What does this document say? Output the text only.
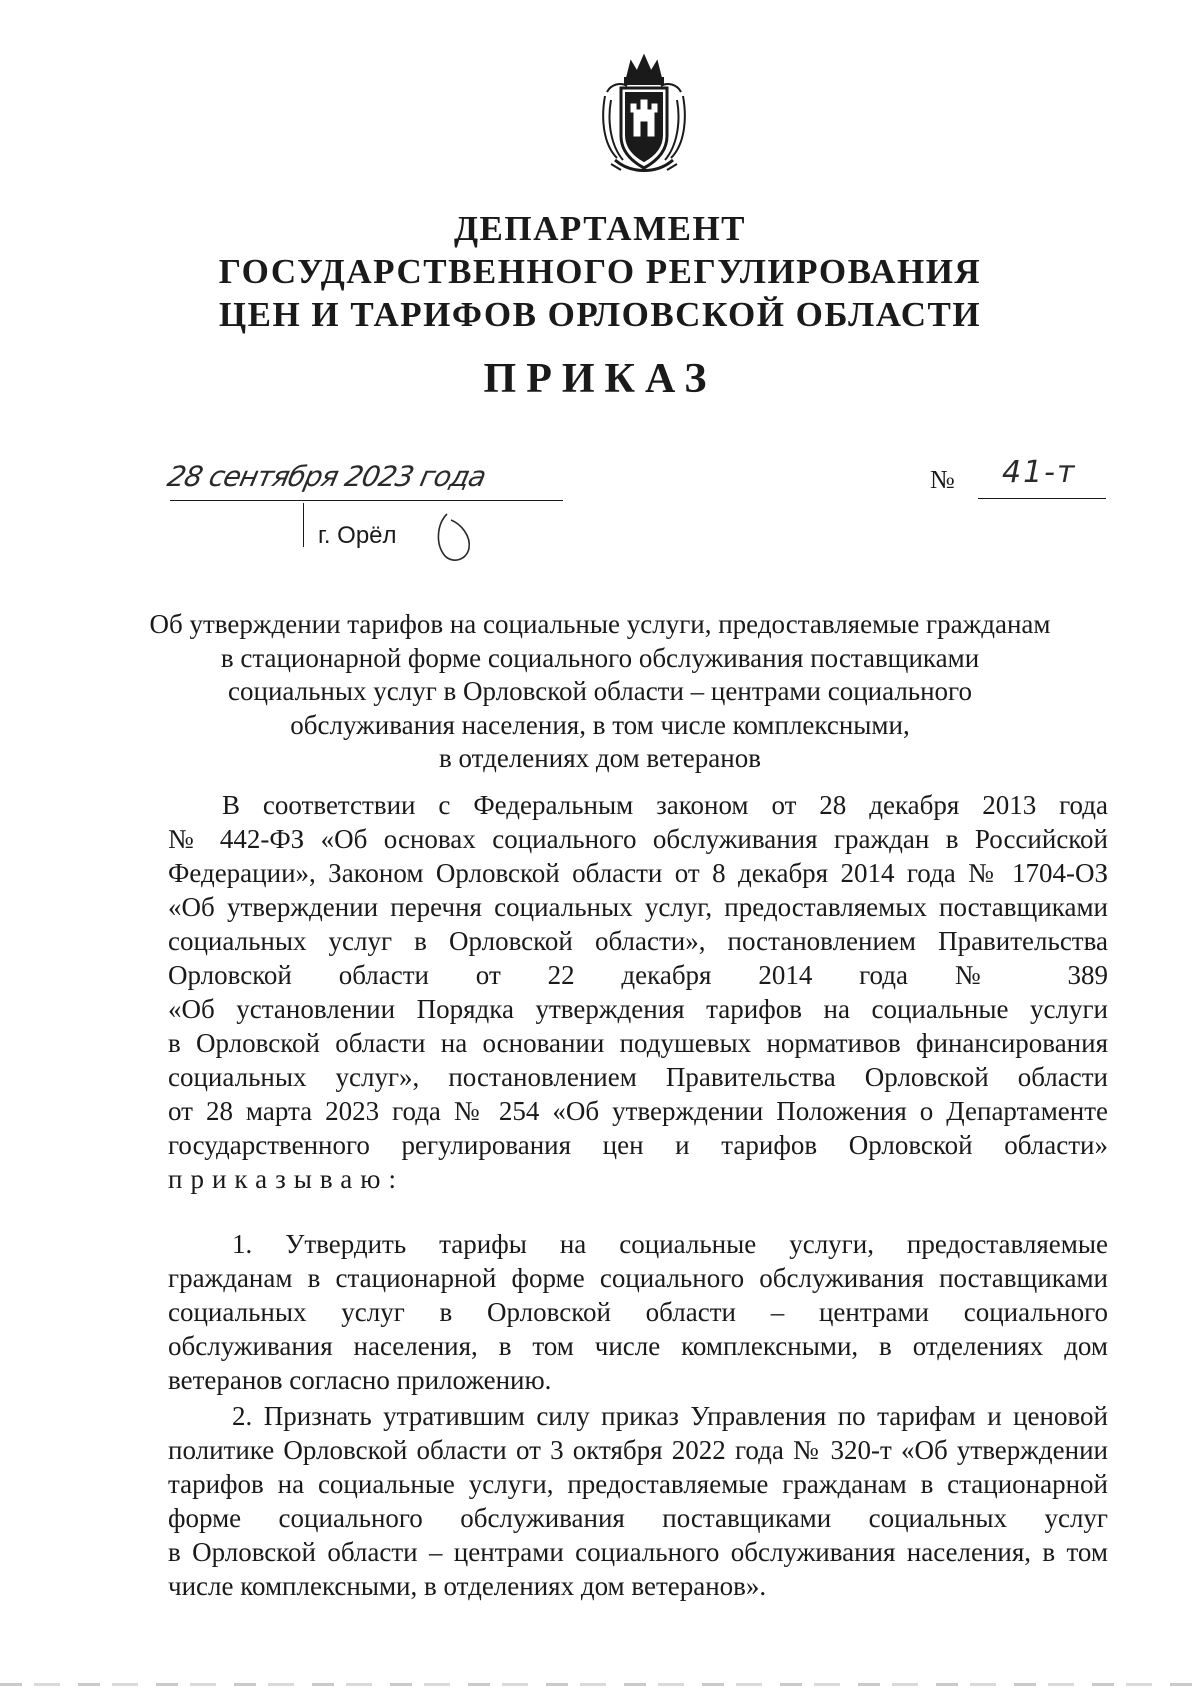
ДЕПАРТАМЕНТ
ГОСУДАРСТВЕННОГО РЕГУЛИРОВАНИЯ
ЦЕН И ТАРИФОВ ОРЛОВСКОЙ ОБЛАСТИ
ПРИКАЗ
28 сентября 2023 года
г. Орёл
№ 41-т
Об утверждении тарифов на социальные услуги, предоставляемые гражданам
в стационарной форме социального обслуживания поставщиками
социальных услуг в Орловской области – центрами социального
обслуживания населения, в том числе комплексными,
в отделениях дом ветеранов
В соответствии с Федеральным законом от 28 декабря 2013 года
№ 442-ФЗ «Об основах социального обслуживания граждан в Российской
Федерации», Законом Орловской области от 8 декабря 2014 года № 1704-ОЗ
«Об утверждении перечня социальных услуг, предоставляемых поставщиками
социальных услуг в Орловской области», постановлением Правительства
Орловской области от 22 декабря 2014 года № 389
«Об установлении Порядка утверждения тарифов на социальные услуги
в Орловской области на основании подушевых нормативов финансирования
социальных услуг», постановлением Правительства Орловской области
от 28 марта 2023 года № 254 «Об утверждении Положения о Департаменте
государственного регулирования цен и тарифов Орловской области»
приказываю:
1. Утвердить тарифы на социальные услуги, предоставляемые
гражданам в стационарной форме социального обслуживания поставщиками
социальных услуг в Орловской области – центрами социального
обслуживания населения, в том числе комплексными, в отделениях дом
ветеранов согласно приложению.
2. Признать утратившим силу приказ Управления по тарифам и ценовой
политике Орловской области от 3 октября 2022 года № 320-т «Об утверждении
тарифов на социальные услуги, предоставляемые гражданам в стационарной
форме социального обслуживания поставщиками социальных услуг
в Орловской области – центрами социального обслуживания населения, в том
числе комплексными, в отделениях дом ветеранов».
